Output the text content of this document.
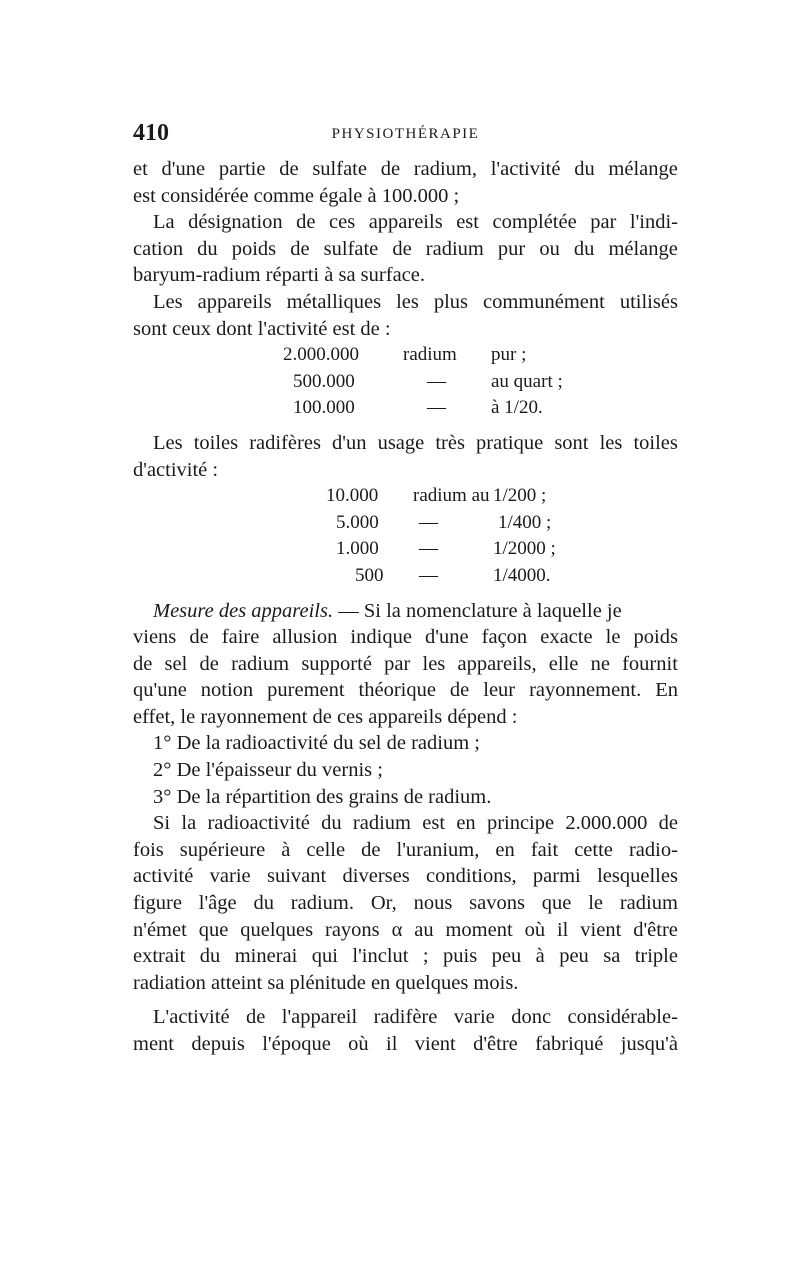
410	PHYSIOTHÉRAPIE
et d'une partie de sulfate de radium, l'activité du mélange
est considérée comme égale à 100.000 ;
La désignation de ces appareils est complétée par l'indi-
cation du poids de sulfate de radium pur ou du mélange
baryum-radium réparti à sa surface.
Les appareils métalliques les plus communément utilisés
sont ceux dont l'activité est de :
2.000.000 radium pur ;
500.000	— au quart ;
100.000	— à 1/20.
Les toiles radifères d'un usage très pratique sont les toiles
d'activité :
10.000 radium au 1/200 ;
5.000 —	1/400 ;
1.000 —	1/2000 ;
500 —	1/4000.
Mesure des appareils. — Si la nomenclature à laquelle je
viens de faire allusion indique d'une façon exacte le poids
de sel de radium supporté par les appareils, elle ne fournit
qu'une notion purement théorique de leur rayonnement. En
effet, le rayonnement de ces appareils dépend :
1° De la radioactivité du sel de radium ;
2° De l'épaisseur du vernis ;
3° De la répartition des grains de radium.
Si la radioactivité du radium est en principe 2.000.000 de
fois supérieure à celle de l'uranium, en fait cette radio-
activité varie suivant diverses conditions, parmi lesquelles
figure l'âge du radium. Or, nous savons que le radium
n'émet que quelques rayons α au moment où il vient d'être
extrait du minerai qui l'inclut ; puis peu à peu sa triple
radiation atteint sa plénitude en quelques mois.
L'activité de l'appareil radifère varie donc considérable-
ment depuis l'époque où il vient d'être fabriqué jusqu'à
